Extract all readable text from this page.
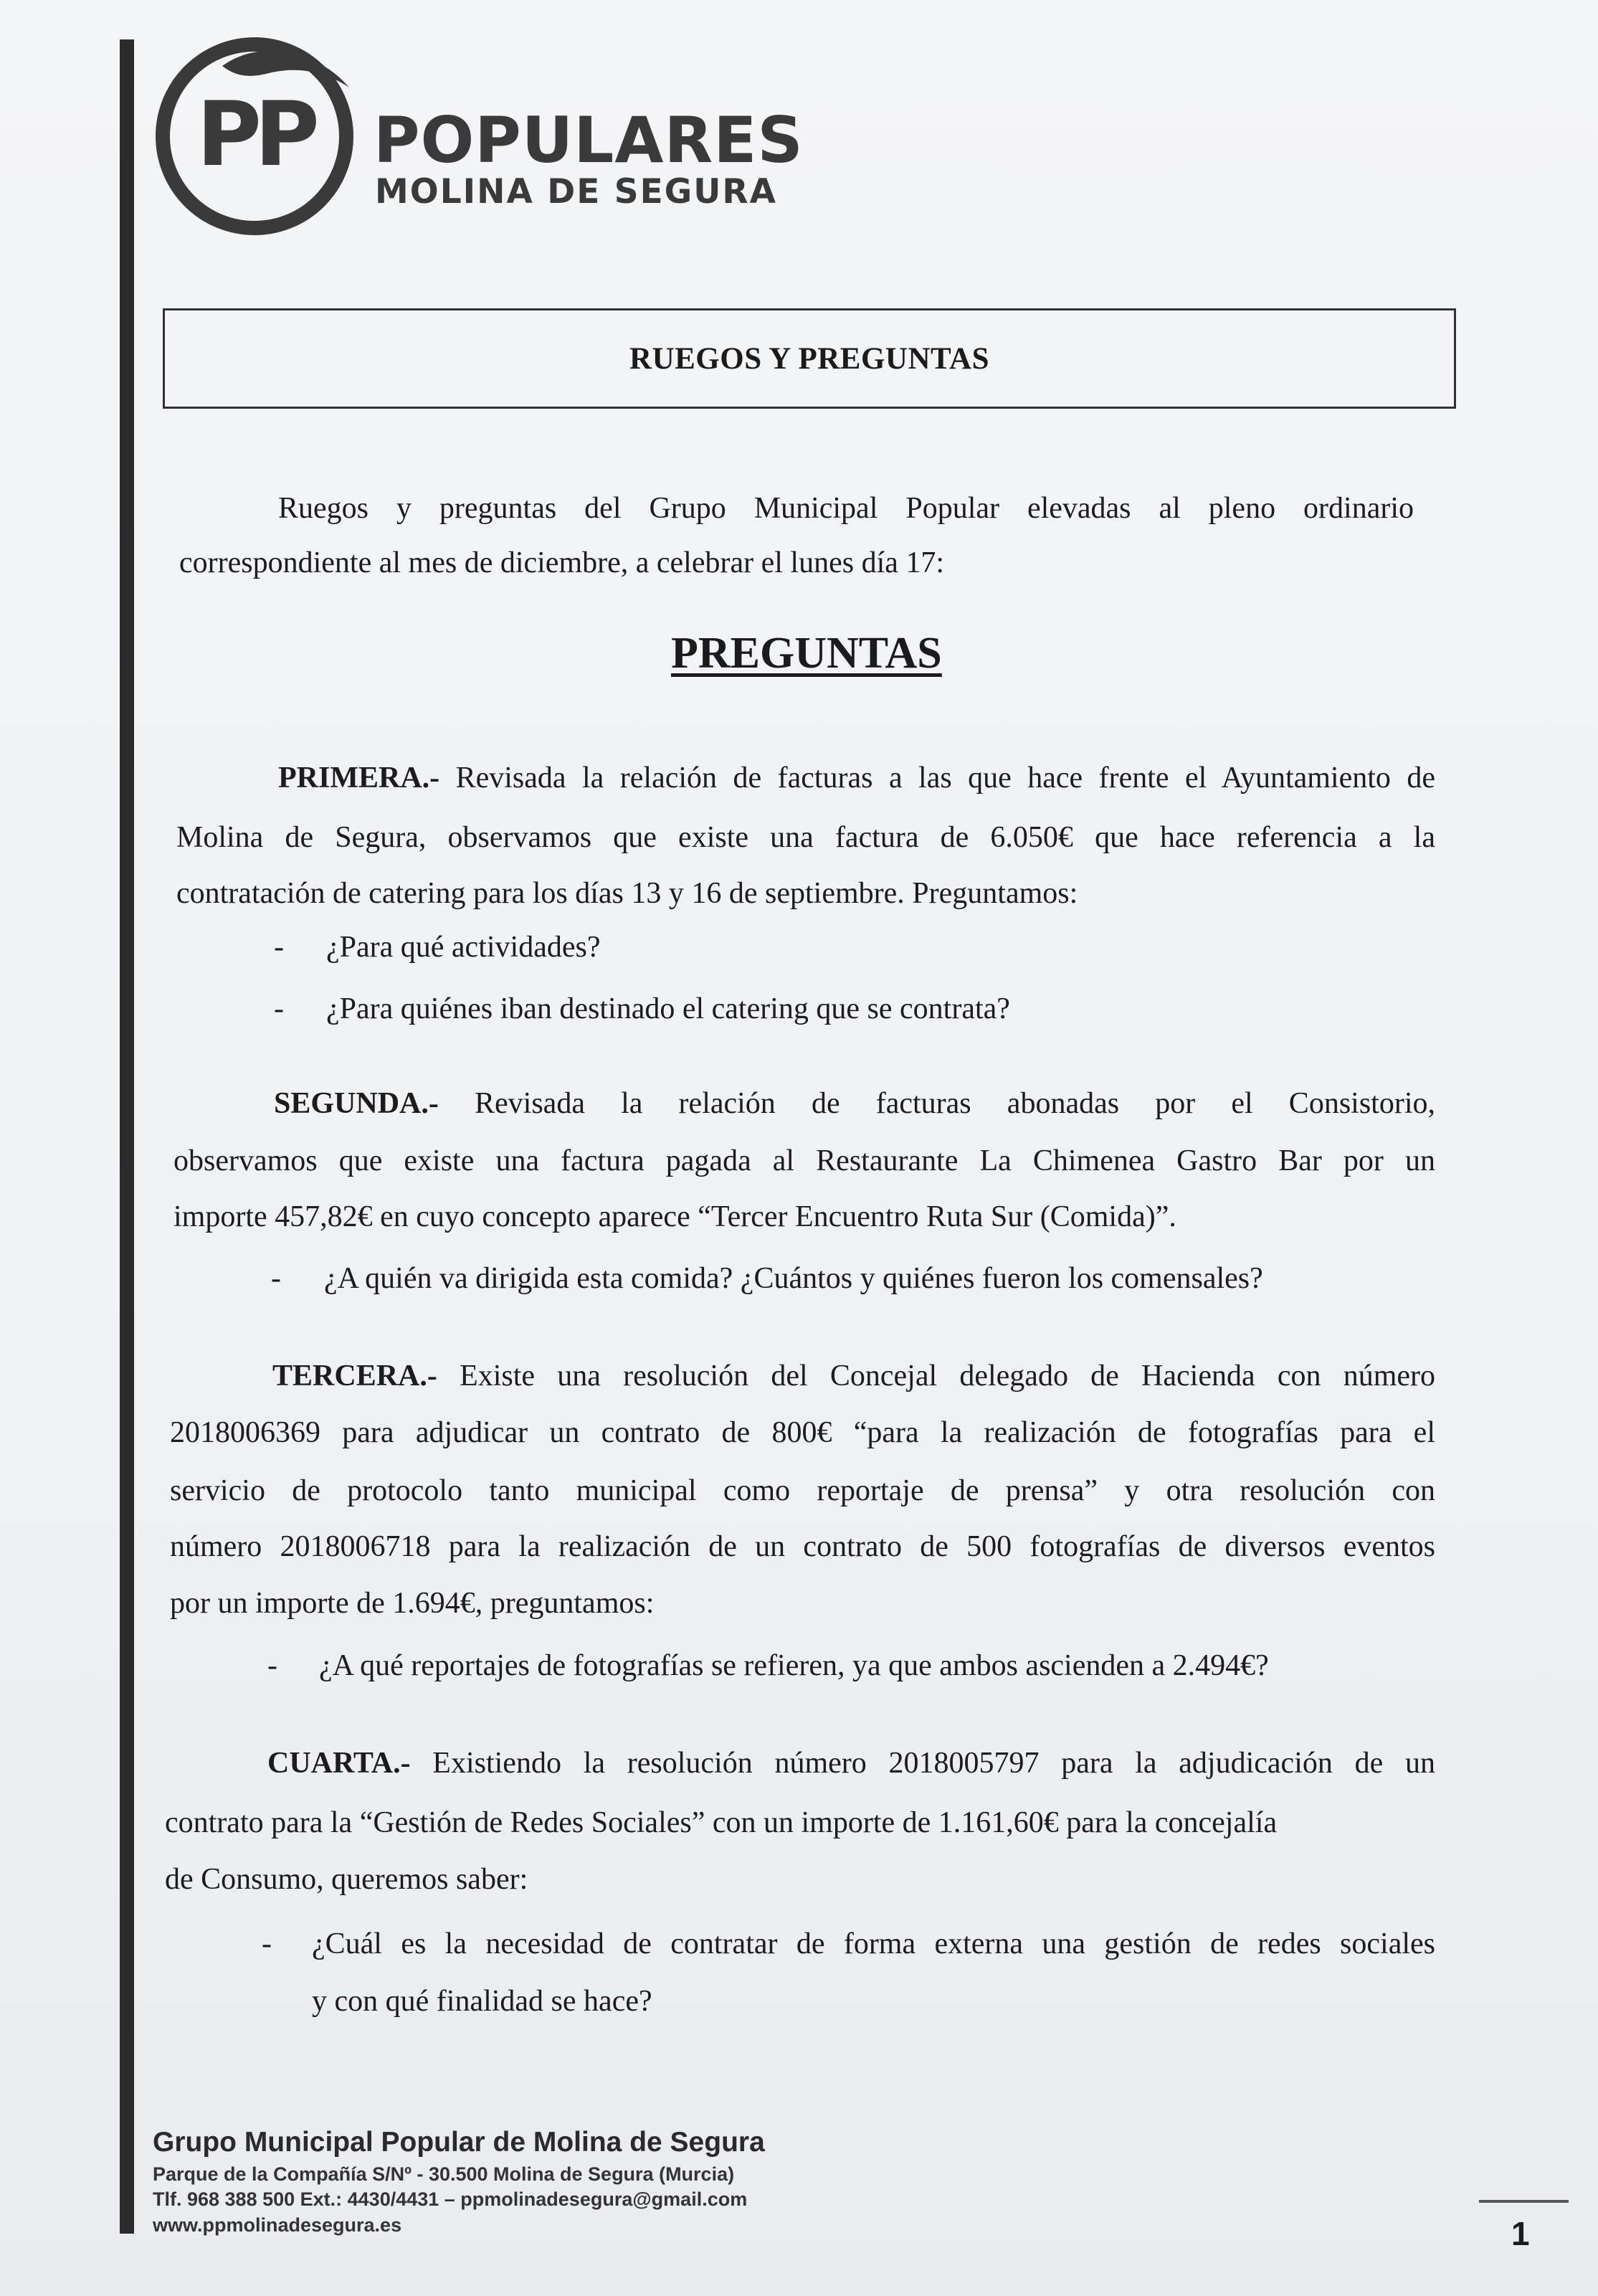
PP POPULARES
MOLINA DE SEGURA
RUEGOS Y PREGUNTAS
Ruegos y preguntas del Grupo Municipal Popular elevadas al pleno ordinario
correspondiente al mes de diciembre, a celebrar el lunes día 17:
PREGUNTAS
PRIMERA.- Revisada la relación de facturas a las que hace frente el Ayuntamiento de
Molina de Segura, observamos que existe una factura de 6.050€ que hace referencia a la
contratación de catering para los días 13 y 16 de septiembre. Preguntamos:
- ¿Para qué actividades?
- ¿Para quiénes iban destinado el catering que se contrata?
SEGUNDA.- Revisada la relación de facturas abonadas por el Consistorio,
observamos que existe una factura pagada al Restaurante La Chimenea Gastro Bar por un
importe 457,82€ en cuyo concepto aparece “Tercer Encuentro Ruta Sur (Comida)”.
- ¿A quién va dirigida esta comida? ¿Cuántos y quiénes fueron los comensales?
TERCERA.- Existe una resolución del Concejal delegado de Hacienda con número
2018006369 para adjudicar un contrato de 800€ “para la realización de fotografías para el
servicio de protocolo tanto municipal como reportaje de prensa” y otra resolución con
número 2018006718 para la realización de un contrato de 500 fotografías de diversos eventos
por un importe de 1.694€, preguntamos:
- ¿A qué reportajes de fotografías se refieren, ya que ambos ascienden a 2.494€?
CUARTA.- Existiendo la resolución número 2018005797 para la adjudicación de un
contrato para la “Gestión de Redes Sociales” con un importe de 1.161,60€ para la concejalía
de Consumo, queremos saber:
- ¿Cuál es la necesidad de contratar de forma externa una gestión de redes sociales
y con qué finalidad se hace?
Grupo Municipal Popular de Molina de Segura
Parque de la Compañía S/Nº - 30.500 Molina de Segura (Murcia)
Tlf. 968 388 500 Ext.: 4430/4431 – ppmolinadesegura@gmail.com
www.ppmolinadesegura.es	1
